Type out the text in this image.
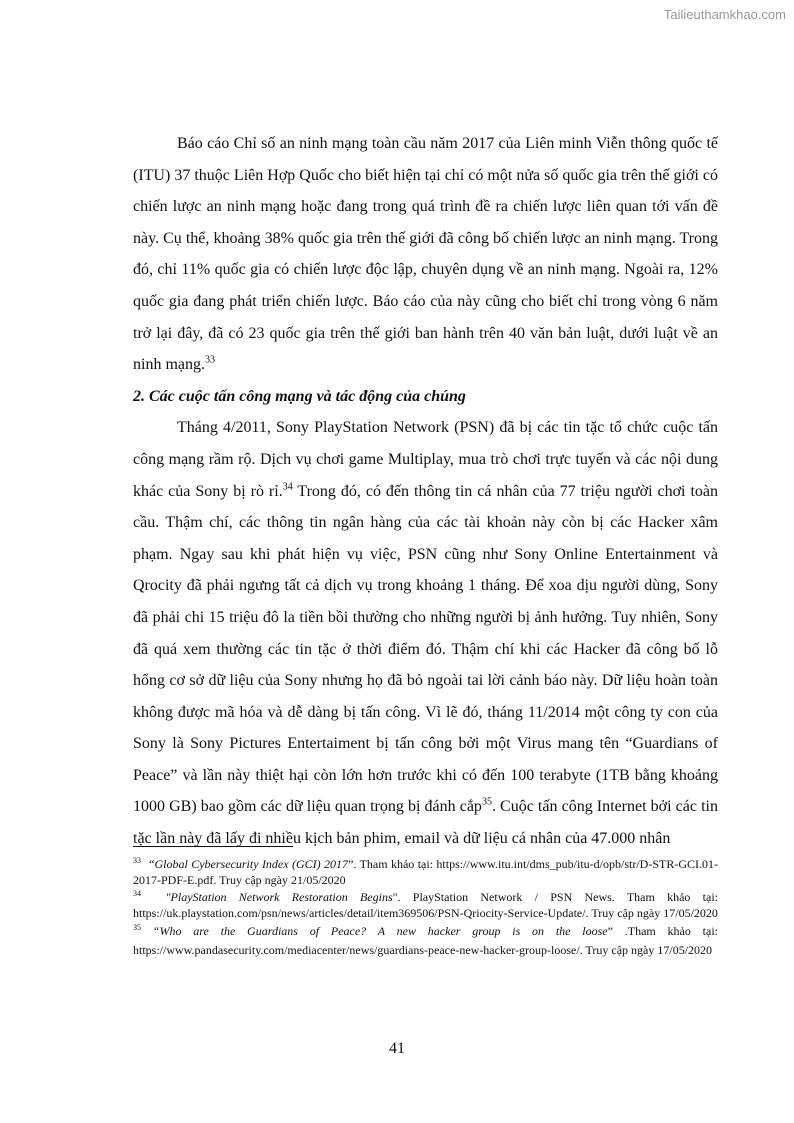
Tailieuthamkhao.com

Báo cáo Chỉ số an ninh mạng toàn cầu năm 2017 của Liên minh Viễn thông quốc tế (ITU) 37 thuộc Liên Hợp Quốc cho biết hiện tại chỉ có một nửa số quốc gia trên thế giới có chiến lược an ninh mạng hoặc đang trong quá trình đề ra chiến lược liên quan tới vấn đề này. Cụ thể, khoảng 38% quốc gia trên thế giới đã công bố chiến lược an ninh mạng. Trong đó, chỉ 11% quốc gia có chiến lược độc lập, chuyên dụng về an ninh mạng. Ngoài ra, 12% quốc gia đang phát triển chiến lược. Báo cáo của này cũng cho biết chỉ trong vòng 6 năm trở lại đây, đã có 23 quốc gia trên thế giới ban hành trên 40 văn bản luật, dưới luật về an ninh mạng.$^{33}$

2. Các cuộc tấn công mạng và tác động của chúng

Tháng 4/2011, Sony PlayStation Network (PSN) đã bị các tin tặc tổ chức cuộc tấn công mạng rầm rộ. Dịch vụ chơi game Multiplay, mua trò chơi trực tuyến và các nội dung khác của Sony bị rò rỉ.$^{34}$ Trong đó, có đến thông tin cá nhân của 77 triệu người chơi toàn cầu. Thậm chí, các thông tin ngân hàng của các tài khoản này còn bị các Hacker xâm phạm. Ngay sau khi phát hiện vụ việc, PSN cũng như Sony Online Entertainment và Qrocity đã phải ngưng tất cả dịch vụ trong khoảng 1 tháng. Để xoa dịu người dùng, Sony đã phải chi 15 triệu đô la tiền bồi thường cho những người bị ảnh hưởng. Tuy nhiên, Sony đã quá xem thường các tin tặc ở thời điểm đó. Thậm chí khi các Hacker đã công bố lỗ hổng cơ sở dữ liệu của Sony nhưng họ đã bỏ ngoài tai lời cảnh báo này. Dữ liệu hoàn toàn không được mã hóa và dễ dàng bị tấn công. Vì lẽ đó, tháng 11/2014 một công ty con của Sony là Sony Pictures Entertaiment bị tấn công bởi một Virus mang tên “Guardians of Peace” và lần này thiệt hại còn lớn hơn trước khi có đến 100 terabyte (1TB bằng khoảng 1000 GB) bao gồm các dữ liệu quan trọng bị đánh cắp$^{35}$. Cuộc tấn công Internet bởi các tin tặc lần này đã lấy đi nhiều kịch bản phim, email và dữ liệu cá nhân của 47.000 nhân

$^{33}$ “Global Cybersecurity Index (GCI) 2017”. Tham khảo tại: https://www.itu.int/dms_pub/itu-d/opb/str/D-STR-GCI.01-2017-PDF-E.pdf. Truy cập ngày 21/05/2020
$^{34}$ "PlayStation Network Restoration Begins". PlayStation Network / PSN News. Tham khảo tại: https://uk.playstation.com/psn/news/articles/detail/item369506/PSN-Qriocity-Service-Update/. Truy cập ngày 17/05/2020
$^{35}$ “Who are the Guardians of Peace? A new hacker group is on the loose” .Tham khảo tại: https://www.pandasecurity.com/mediacenter/news/guardians-peace-new-hacker-group-loose/. Truy cập ngày 17/05/2020
41
